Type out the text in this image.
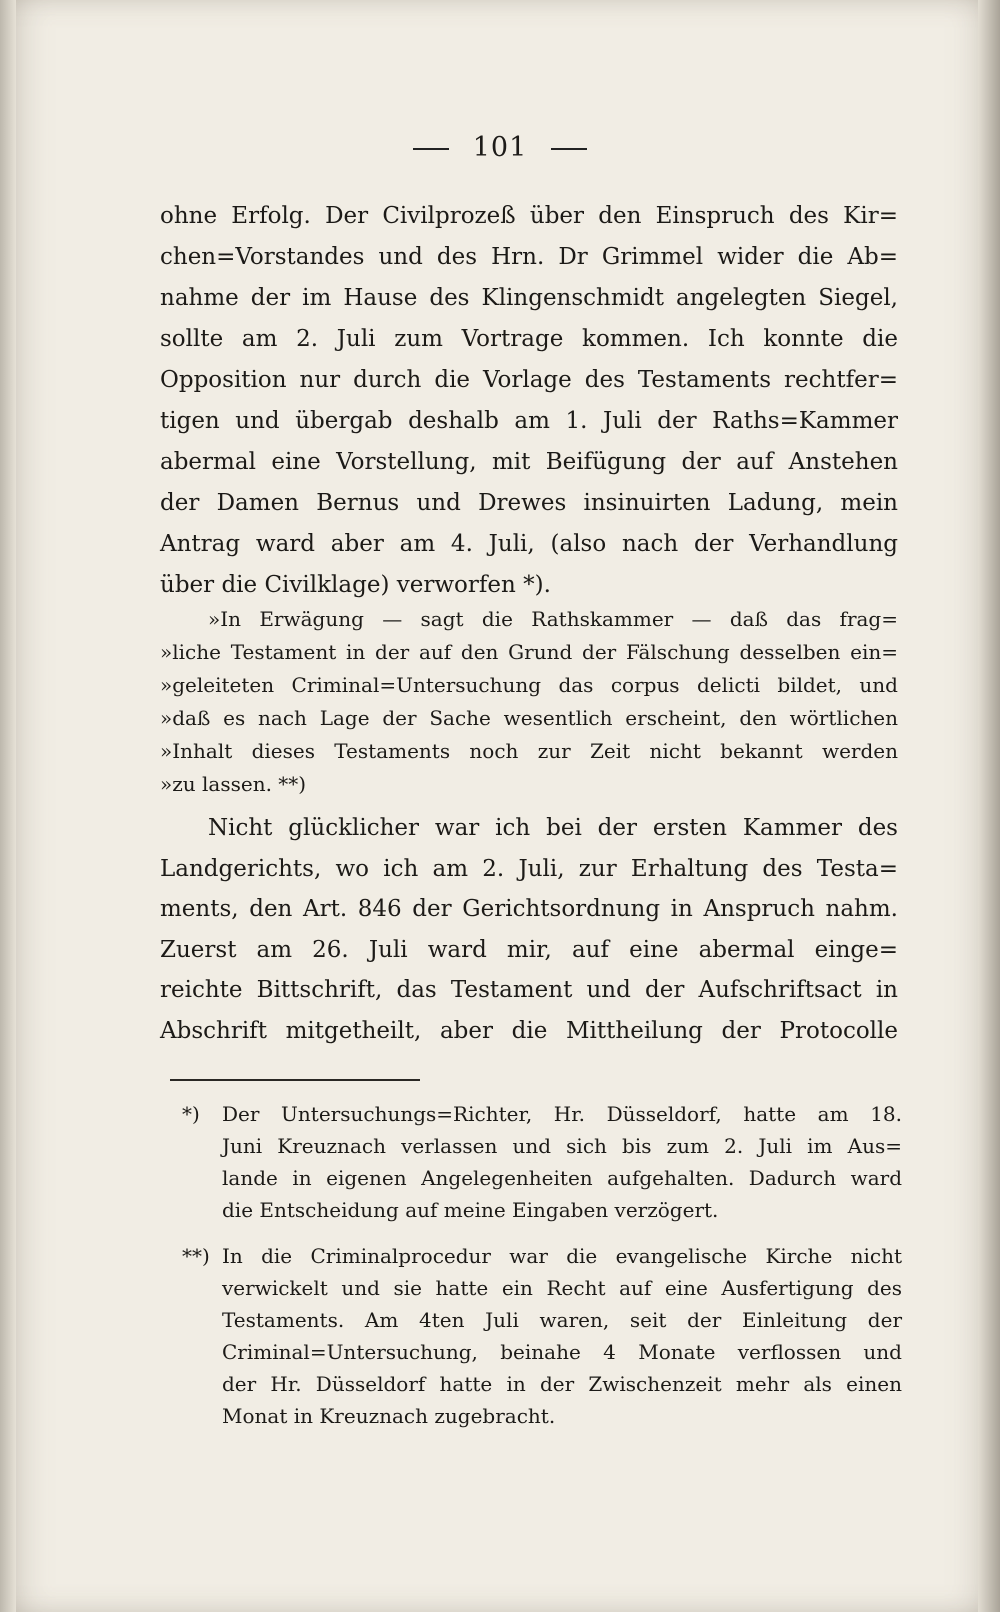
101
ohne Erfolg. Der Civilprozeß über den Einspruch des Kir=
chen=Vorstandes und des Hrn. Dr Grimmel wider die Ab=
nahme der im Hause des Klingenschmidt angelegten Siegel,
sollte am 2. Juli zum Vortrage kommen. Ich konnte die
Opposition nur durch die Vorlage des Testaments rechtfer=
tigen und übergab deshalb am 1. Juli der Raths=Kammer
abermal eine Vorstellung, mit Beifügung der auf Anstehen
der Damen Bernus und Drewes insinuirten Ladung, mein
Antrag ward aber am 4. Juli, (also nach der Verhandlung
über die Civilklage) verworfen *).
»In Erwägung — sagt die Rathskammer — daß das frag=
»liche Testament in der auf den Grund der Fälschung desselben ein=
»geleiteten Criminal=Untersuchung das corpus delicti bildet, und
»daß es nach Lage der Sache wesentlich erscheint, den wörtlichen
»Inhalt dieses Testaments noch zur Zeit nicht bekannt werden
»zu lassen. **)
Nicht glücklicher war ich bei der ersten Kammer des
Landgerichts, wo ich am 2. Juli, zur Erhaltung des Testa=
ments, den Art. 846 der Gerichtsordnung in Anspruch nahm.
Zuerst am 26. Juli ward mir, auf eine abermal einge=
reichte Bittschrift, das Testament und der Aufschriftsact in
Abschrift mitgetheilt, aber die Mittheilung der Protocolle
*) Der Untersuchungs=Richter, Hr. Düsseldorf, hatte am 18.
Juni Kreuznach verlassen und sich bis zum 2. Juli im Aus=
lande in eigenen Angelegenheiten aufgehalten. Dadurch ward
die Entscheidung auf meine Eingaben verzögert.
**) In die Criminalprocedur war die evangelische Kirche nicht
verwickelt und sie hatte ein Recht auf eine Ausfertigung des
Testaments. Am 4ten Juli waren, seit der Einleitung der
Criminal=Untersuchung, beinahe 4 Monate verflossen und
der Hr. Düsseldorf hatte in der Zwischenzeit mehr als einen
Monat in Kreuznach zugebracht.
